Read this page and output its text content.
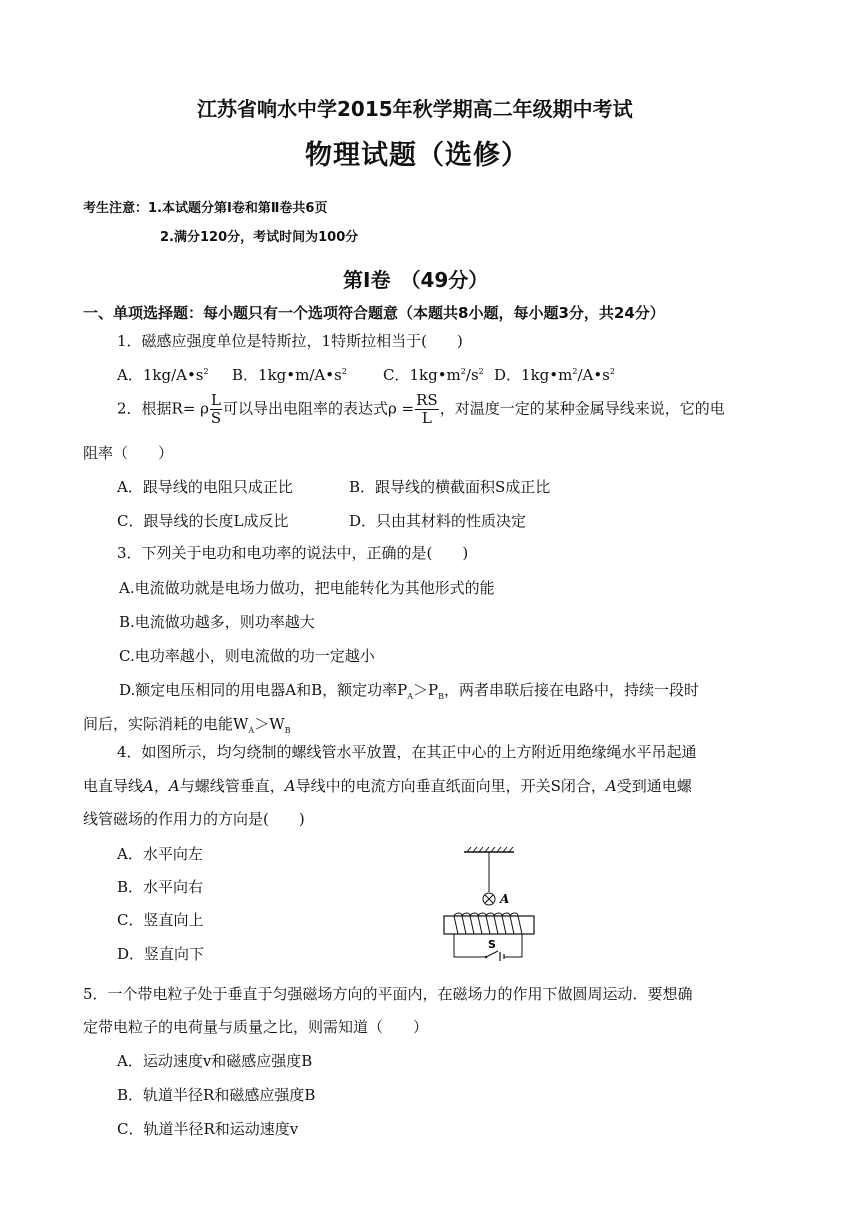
江苏省响水中学2015年秋学期高二年级期中考试
物理试题（选修）
考生注意：1.本试题分第Ⅰ卷和第Ⅱ卷共6页
2.满分120分，考试时间为100分
第Ⅰ卷　（49分）
一、单项选择题：每小题只有一个选项符合题意（本题共8小题，每小题3分，共24分）
1．磁感应强度单位是特斯拉，1特斯拉相当于(　　)
A．$1kg/A•s^2$ B．$1kg•m/A•s^2$ C．$1kg•m^2/s^2$ D．$1kg•m^2/A•s^2$
2．根据R= ρ $\frac{L}{S}$ 可以导出电阻率的表达式$\rho = \frac{RS}{L}$ ，对温度一定的某种金属导线来说，它的电
阻率（　　）
A．跟导线的电阻只成正比	B．跟导线的横截面积S成正比
C．跟导线的长度L成反比	D．只由其材料的性质决定
3．下列关于电功和电功率的说法中，正确的是(　　)
A.电流做功就是电场力做功，把电能转化为其他形式的能
B.电流做功越多，则功率越大
C.电功率越小，则电流做的功一定越小
D.额定电压相同的用电器A和B，额定功率$P_A>P_B$，两者串联后接在电路中，持续一段时
间后，实际消耗的电能$W_A>W_B$
4．如图所示，均匀绕制的螺线管水平放置，在其正中心的上方附近用绝缘绳水平吊起通
电直导线A，A与螺线管垂直，A导线中的电流方向垂直纸面向里，开关S闭合，A受到通电螺
线管磁场的作用力的方向是(　　)
A．水平向左
B．水平向右
C．竖直向上
D．竖直向下
A
S
5．一个带电粒子处于垂直于匀强磁场方向的平面内，在磁场力的作用下做圆周运动．要想确
定带电粒子的电荷量与质量之比，则需知道（　　）
A．运动速度v和磁感应强度B
B．轨道半径R和磁感应强度B
C．轨道半径R和运动速度v
